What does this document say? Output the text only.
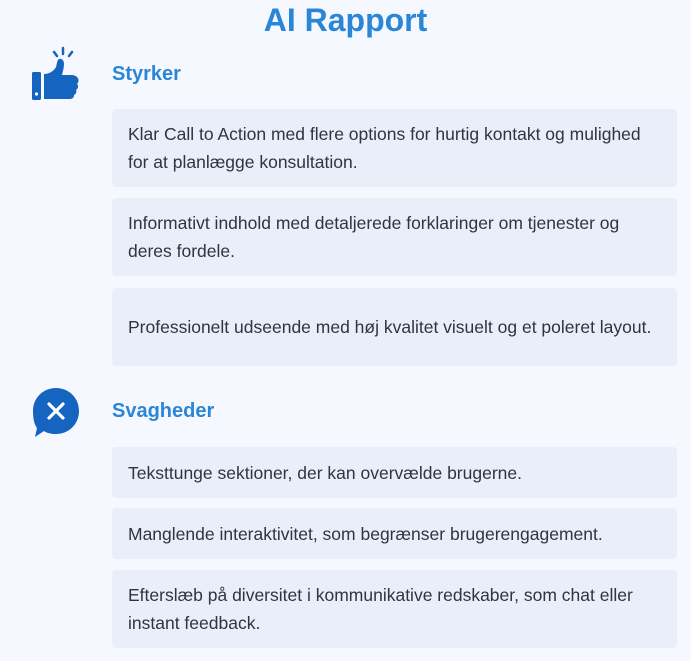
AI Rapport
Styrker
Klar Call to Action med flere options for hurtig kontakt og mulighed for at planlægge konsultation.
Informativt indhold med detaljerede forklaringer om tjenester og deres fordele.
Professionelt udseende med høj kvalitet visuelt og et poleret layout.
Svagheder
Teksttunge sektioner, der kan overvælde brugerne.
Manglende interaktivitet, som begrænser brugerengagement.
Efterslæb på diversitet i kommunikative redskaber, som chat eller instant feedback.
